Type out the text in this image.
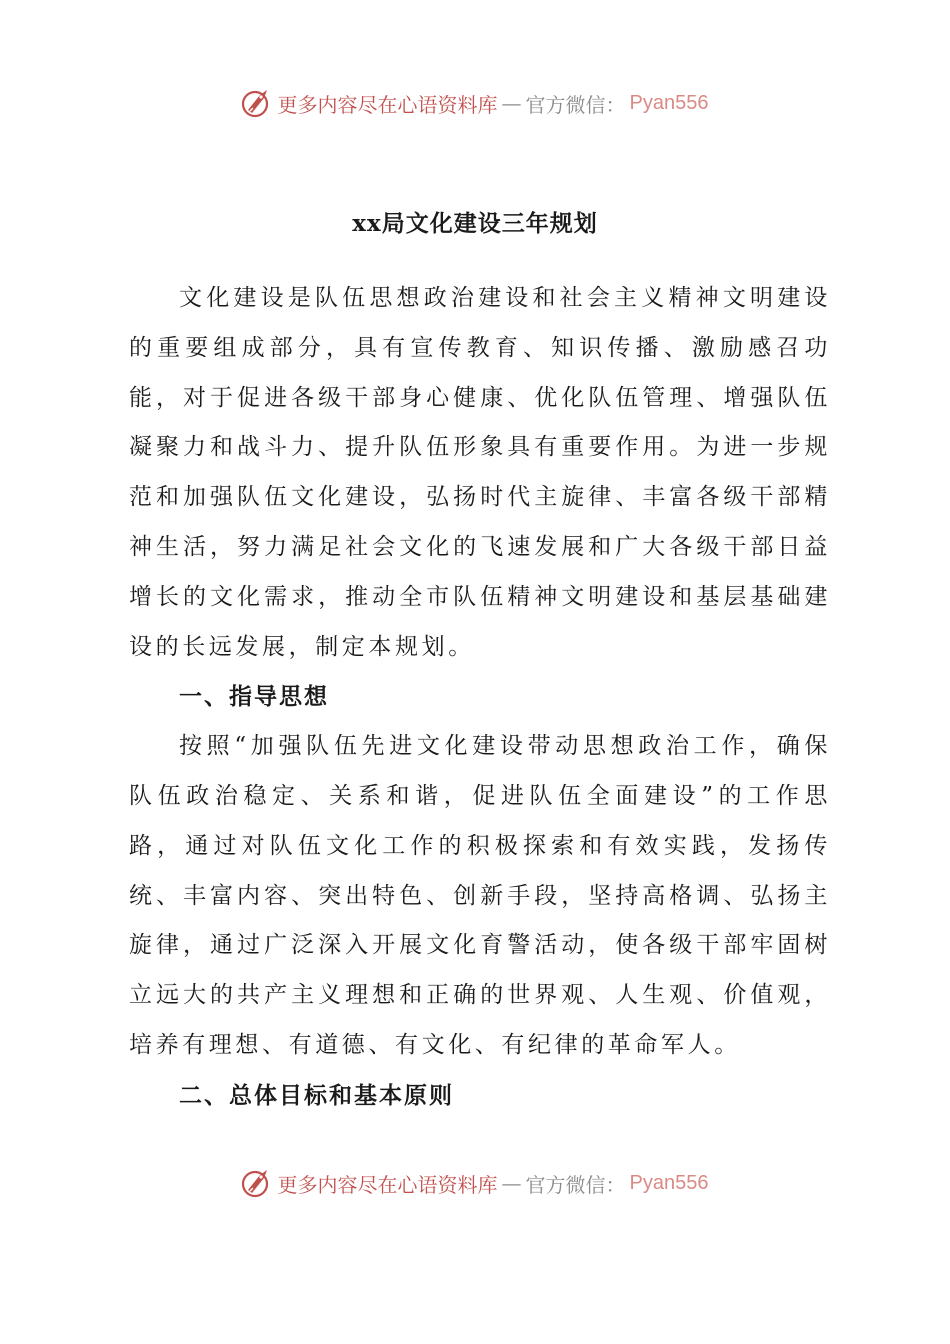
更多内容尽在心语资料库 — 官方微信： Pyan556
xx局文化建设三年规划

文化建设是队伍思想政治建设和社会主义精神文明建设的重要组成部分，具有宣传教育、知识传播、激励感召功能，对于促进各级干部身心健康、优化队伍管理、增强队伍凝聚力和战斗力、提升队伍形象具有重要作用。为进一步规范和加强队伍文化建设，弘扬时代主旋律、丰富各级干部精神生活，努力满足社会文化的飞速发展和广大各级干部日益增长的文化需求，推动全市队伍精神文明建设和基层基础建设的长远发展，制定本规划。

一、指导思想

按照“加强队伍先进文化建设带动思想政治工作，确保队伍政治稳定、关系和谐，促进队伍全面建设”的工作思路，通过对队伍文化工作的积极探索和有效实践，发扬传统、丰富内容、突出特色、创新手段，坚持高格调、弘扬主旋律，通过广泛深入开展文化育警活动，使各级干部牢固树立远大的共产主义理想和正确的世界观、人生观、价值观，培养有理想、有道德、有文化、有纪律的革命军人。

二、总体目标和基本原则

更多内容尽在心语资料库 — 官方微信： Pyan556
